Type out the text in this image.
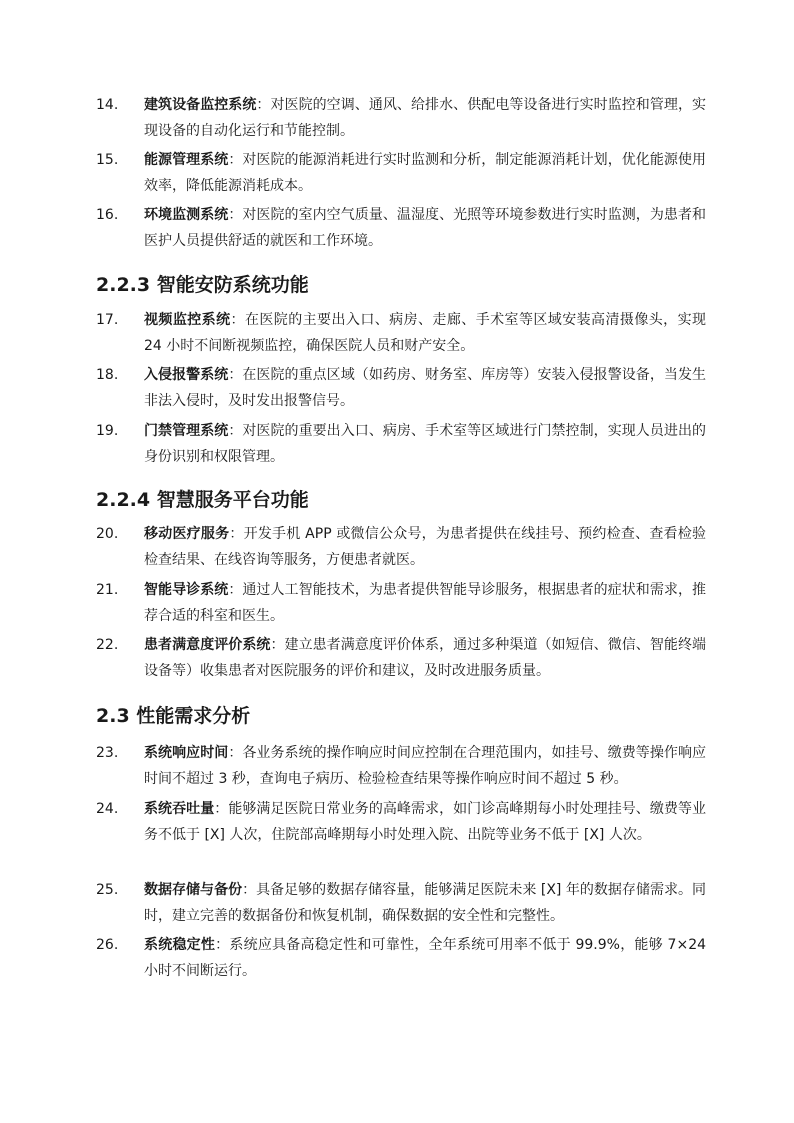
14.	建筑设备监控系统：对医院的空调、通风、给排水、供配电等设备进行实时监控和管理，实现设备的自动化运行和节能控制。
15.	能源管理系统：对医院的能源消耗进行实时监测和分析，制定能源消耗计划，优化能源使用效率，降低能源消耗成本。
16.	环境监测系统：对医院的室内空气质量、温湿度、光照等环境参数进行实时监测，为患者和医护人员提供舒适的就医和工作环境。
2.2.3 智能安防系统功能
17.	视频监控系统：在医院的主要出入口、病房、走廊、手术室等区域安装高清摄像头，实现 24 小时不间断视频监控，确保医院人员和财产安全。
18.	入侵报警系统：在医院的重点区域（如药房、财务室、库房等）安装入侵报警设备，当发生非法入侵时，及时发出报警信号。
19.	门禁管理系统：对医院的重要出入口、病房、手术室等区域进行门禁控制，实现人员进出的身份识别和权限管理。
2.2.4 智慧服务平台功能
20.	移动医疗服务：开发手机 APP 或微信公众号，为患者提供在线挂号、预约检查、查看检验检查结果、在线咨询等服务，方便患者就医。
21.	智能导诊系统：通过人工智能技术，为患者提供智能导诊服务，根据患者的症状和需求，推荐合适的科室和医生。
22.	患者满意度评价系统：建立患者满意度评价体系，通过多种渠道（如短信、微信、智能终端设备等）收集患者对医院服务的评价和建议，及时改进服务质量。
2.3 性能需求分析
23.	系统响应时间：各业务系统的操作响应时间应控制在合理范围内，如挂号、缴费等操作响应时间不超过 3 秒，查询电子病历、检验检查结果等操作响应时间不超过 5 秒。
24.	系统吞吐量：能够满足医院日常业务的高峰需求，如门诊高峰期每小时处理挂号、缴费等业务不低于 [X] 人次，住院部高峰期每小时处理入院、出院等业务不低于 [X] 人次。
25.	数据存储与备份：具备足够的数据存储容量，能够满足医院未来 [X] 年的数据存储需求。同时，建立完善的数据备份和恢复机制，确保数据的安全性和完整性。
26.	系统稳定性：系统应具备高稳定性和可靠性，全年系统可用率不低于 99.9%，能够 7×24 小时不间断运行。
